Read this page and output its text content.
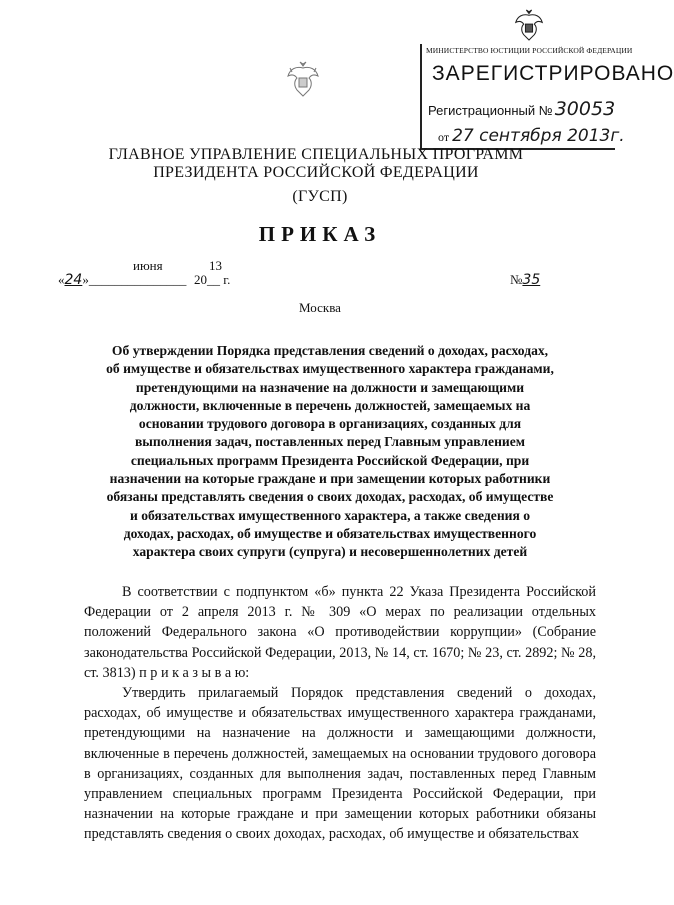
МИНИСТЕРСТВО ЮСТИЦИИ РОССИЙСКОЙ ФЕДЕРАЦИИ
ЗАРЕГИСТРИРОВАНО
Регистрационный № 30053
от 27 сентября 2013г.
ГЛАВНОЕ УПРАВЛЕНИЕ СПЕЦИАЛЬНЫХ ПРОГРАММ
ПРЕЗИДЕНТА РОССИЙСКОЙ ФЕДЕРАЦИИ
(ГУСП)
ПРИКАЗ
«24»_______________
июня
20__ г.
13
№35
Москва
Об утверждении Порядка представления сведений о доходах, расходах,
об имуществе и обязательствах имущественного характера гражданами,
претендующими на назначение на должности и замещающими
должности, включенные в перечень должностей, замещаемых на
основании трудового договора в организациях, созданных для
выполнения задач, поставленных перед Главным управлением
специальных программ Президента Российской Федерации, при
назначении на которые граждане и при замещении которых работники
обязаны представлять сведения о своих доходах, расходах, об имуществе
и обязательствах имущественного характера, а также сведения о
доходах, расходах, об имуществе и обязательствах имущественного
характера своих супруги (супруга) и несовершеннолетних детей

В соответствии с подпунктом «б» пункта 22 Указа Президента Российской Федерации от 2 апреля 2013 г. № 309 «О мерах по реализации отдельных положений Федерального закона «О противодействии коррупции» (Собрание законодательства Российской Федерации, 2013, № 14, ст. 1670; № 23, ст. 2892; № 28, ст. 3813) п р и к а з ы в а ю:

Утвердить прилагаемый Порядок представления сведений о доходах, расходах, об имуществе и обязательствах имущественного характера гражданами, претендующими на назначение на должности и замещающими должности, включенные в перечень должностей, замещаемых на основании трудового договора в организациях, созданных для выполнения задач, поставленных перед Главным управлением специальных программ Президента Российской Федерации, при назначении на которые граждане и при замещении которых работники обязаны представлять сведения о своих доходах, расходах, об имуществе и обязательствах
